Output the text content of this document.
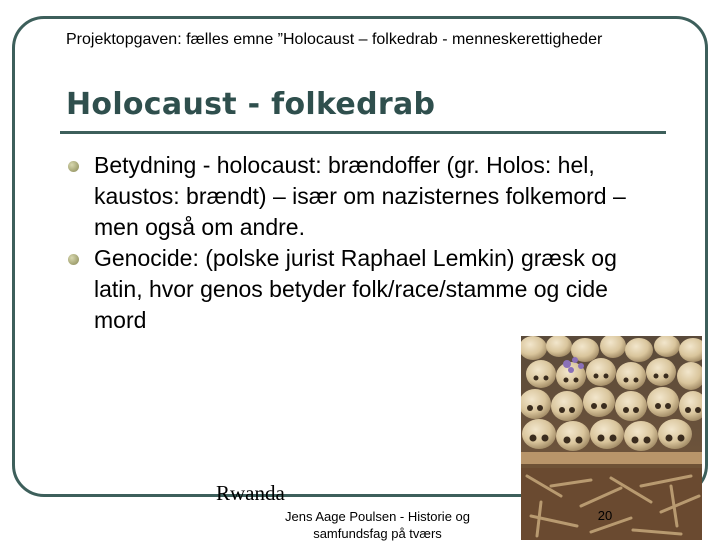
Projektopgaven: fælles emne ”Holocaust – folkedrab - menneskerettigheder
Holocaust - folkedrab
Betydning - holocaust: brændoffer (gr. Holos: hel, kaustos: brændt) – især om nazisternes folkemord – men også om andre.
Genocide: (polske jurist Raphael Lemkin) græsk og latin, hvor genos betyder folk/race/stamme og cide mord
Rwanda
Jens Aage Poulsen - Historie og samfundsfag på tværs
20
